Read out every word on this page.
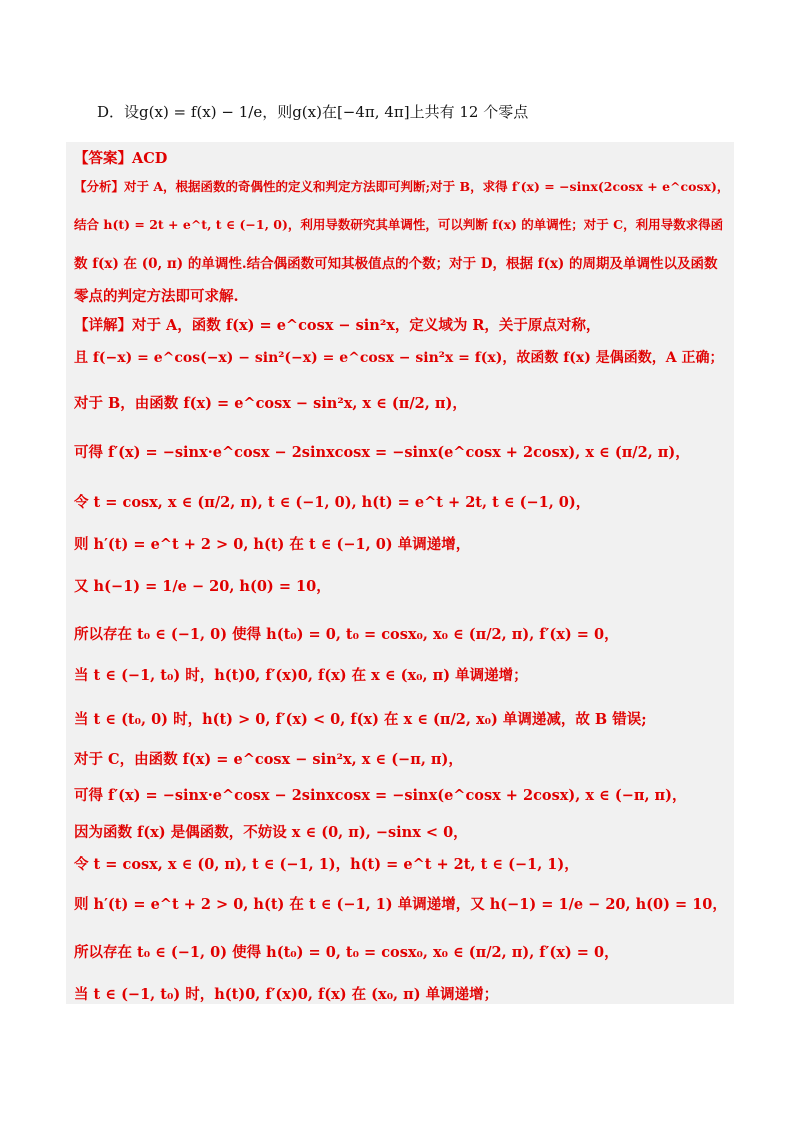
D．设g(x) = f(x) − 1/e，则g(x)在[−4π, 4π]上共有 12 个零点
【答案】ACD
【分析】对于 A，根据函数的奇偶性的定义和判定方法即可判断;对于 B，求得 f′(x) = −sinx(2cosx + e^cosx)，
结合 h(t) = 2t + e^t, t ∈ (−1, 0)，利用导数研究其单调性，可以判断 f(x) 的单调性；对于 C，利用导数求得函
数 f(x) 在 (0, π) 的单调性.结合偶函数可知其极值点的个数；对于 D，根据 f(x) 的周期及单调性以及函数
零点的判定方法即可求解.
【详解】对于 A，函数 f(x) = e^cosx − sin²x，定义域为 R，关于原点对称，
且 f(−x) = e^cos(−x) − sin²(−x) = e^cosx − sin²x = f(x)，故函数 f(x) 是偶函数，A 正确；
对于 B，由函数 f(x) = e^cosx − sin²x, x ∈ (π/2, π)，
可得 f′(x) = −sinx·e^cosx − 2sinxcosx = −sinx(e^cosx + 2cosx), x ∈ (π/2, π)，
令 t = cosx, x ∈ (π/2, π), t ∈ (−1, 0), h(t) = e^t + 2t, t ∈ (−1, 0)，
则 h′(t) = e^t + 2 > 0, h(t) 在 t ∈ (−1, 0) 单调递增，
又 h(−1) = 1/e − 20, h(0) = 10，
所以存在 t₀ ∈ (−1, 0) 使得 h(t₀) = 0, t₀ = cosx₀, x₀ ∈ (π/2, π), f′(x) = 0，
当 t ∈ (−1, t₀) 时，h(t)0, f′(x)0, f(x) 在 x ∈ (x₀, π) 单调递增；
当 t ∈ (t₀, 0) 时，h(t) > 0, f′(x) < 0, f(x) 在 x ∈ (π/2, x₀) 单调递减，故 B 错误;
对于 C，由函数 f(x) = e^cosx − sin²x, x ∈ (−π, π)，
可得 f′(x) = −sinx·e^cosx − 2sinxcosx = −sinx(e^cosx + 2cosx), x ∈ (−π, π)，
因为函数 f(x) 是偶函数，不妨设 x ∈ (0, π), −sinx < 0，
令 t = cosx, x ∈ (0, π), t ∈ (−1, 1)，h(t) = e^t + 2t, t ∈ (−1, 1)，
则 h′(t) = e^t + 2 > 0, h(t) 在 t ∈ (−1, 1) 单调递增，又 h(−1) = 1/e − 20, h(0) = 10，
所以存在 t₀ ∈ (−1, 0) 使得 h(t₀) = 0, t₀ = cosx₀, x₀ ∈ (π/2, π), f′(x) = 0，
当 t ∈ (−1, t₀) 时，h(t)0, f′(x)0, f(x) 在 (x₀, π) 单调递增；
